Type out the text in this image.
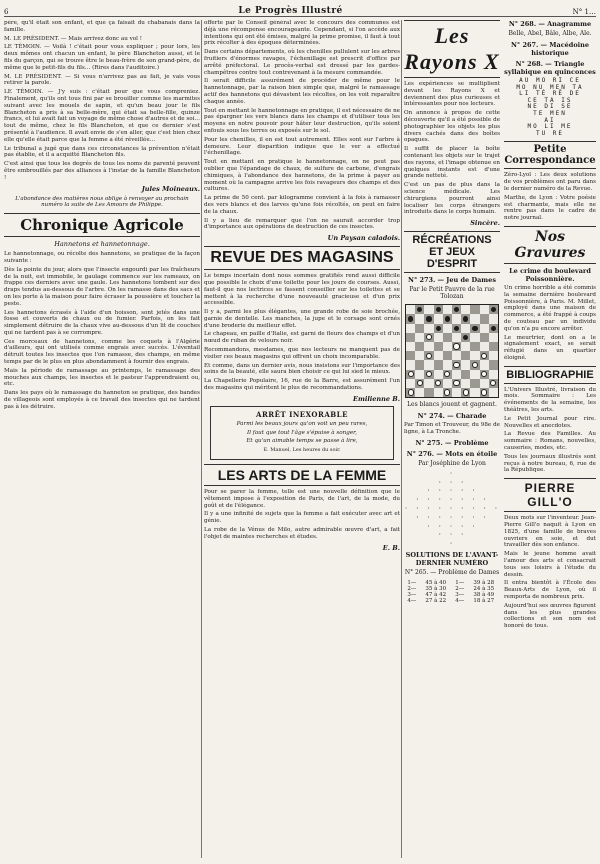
6	Le Progrès Illustré	N° 1…

père, qu'il était son enfant, et que ça faisait du chabanais dans la famille.

M. LE PRÉSIDENT. — Mais arrivez donc au vol !

LE TÉMOIN. — Voilà ! c'était pour vous expliquer ; pour lors, les deux mômes ont chacun un enfant, le père Blancheton aussi, et le fils du garçon, qui se trouve être le beau-frère de son grand-père, de même que le petit-fils du fils… (Rires dans l'auditoire.)

M. LE PRÉSIDENT. — Si vous n'arrivez pas au fait, je vais vous retirer la parole.

LE TÉMOIN. — J'y suis : c'était pour que vous compreniez. Finalement, qu'ils ont tous fini par se brouiller comme les marmites suivant avec les mouels de sapin, et qu'un beau jour le fils Blancheton a pris à sa belle-mère, qui était sa belle-fille, quinze francs, et lui avait fait un voyage de même chose d'autres et de soi… tout de même, chez le fils Blancheton, et que ce dernier s'est présenté à l'audience. Il avait envie de s'en aller, que c'est bien chez elle qu'elle était parce que la femme a été réveillée…

Le tribunal a jugé que dans ces circonstances la prévention n'était pas établie, et il a acquitté Blancheton fils.

C'est ainsi que tous les degrés de tous les noms de parenté peuvent être embrouillés par des alliances à l'instar de la famille Blancheton !

Jules Moineaux.

L'abondance des matières nous oblige à renvoyer au prochain numéro la suite de Les Amours de Philippe.

Chronique Agricole
Hannetons et hannetonnage.

Le hannetonnage, ou récolte des hannetons, se pratique de la façon suivante :

Dès la pointe du jour, alors que l'insecte engourdi par les fraîcheurs de la nuit, est immobile, le gaulage commence sur les rameaux, on frappe ces derniers avec une gaule. Les hannetons tombent sur des draps tendus au-dessous de l'arbre. On les ramasse dans des sacs et on les porte à la maison pour faire écraser la poussière et toucher la peste.

Les hannetons écrasés à l'aide d'un hoisson, sont jetés dans une fosse et couverts de chaux ou de fumier. Parfois, on les fait simplement détruire de la chaux vive au-dessous d'un lit de couches qui ne tardent pas à se corrompre.

Ces morceaux de hannetons, comme les coquets à l'Algérie d'ailleurs, qui ont utilisés comme engrais avec succès. L'éventail détruit toutes les insectes que l'on ramasse, des champs, en même temps par de le plus en plus abondamment à fournir des engrais.

Mais la période de ramassage au printemps, le ramassage des mouches aux champs, les insectes et le pasteur l'apprendraient ou, etc.

Dans les pays où le ramassage du hanneton se pratique, des bandes de villageois sont employés à ce travail des insectes qui ne tardent pas à les détruire.

offerte par le Conseil général avec le concours des communes est déjà une récompense encourageante. Cependant, si l'on accède aux intentions qui ont été émises, malgré la prime promise, il faut à tout prix récolter à des époques déterminées.

Dans certains départements, où les chenilles pullulent sur les arbres fruitiers d'énormes ravages, l'échenillage est prescrit d'office par arrêté préfectoral. Le procès-verbal est dressé par les gardes-champêtres contre tout contrevenant à la mesure commandée.

Il serait difficile assurément de procéder de même pour le hannetonnage, par la raison bien simple que, malgré le ramassage actif des hannetons qui dévastent les récoltes, on les voit reparaître chaque année.

Tout en mettant le hannetonnage en pratique, il est nécessaire de ne pas épargner les vers blancs dans les champs et d'utiliser tous les moyens en notre pouvoir pour hâter leur destruction, qu'ils soient enfouis sous les terres ou exposés sur le sol.

Pour les chenilles, il en est tout autrement. Elles sont sur l'arbre à demeure. Leur disparition indique que le ver a effectué l'échenillage.

Tout en mettant en pratique le hannetonnage, on ne peut pas oublier que l'épandage de chaux, de sulfure de carbone, d'engrais chimiques, à l'abondance des hannetons, de la prime à payer au moment où la campagne arrive les fois ravageurs des champs et des cultures.

La prime de 50 cent. par kilogramme convient à la fois à ramasser des vers blancs et des larves qu'une fois récoltés, on peut en faire de la chaux.

Il y a lieu de remarquer que l'on ne saurait accorder trop d'importance aux opérations de destruction de ces insectes.

Un Paysan caladois.
REVUE DES MAGASINS

Le temps incertain dont nous sommes gratifiés rend aussi difficile que possible le choix d'une toilette pour les jours de courses. Aussi, faut-il que nos lectrices se fassent conseiller sur les toilettes et se mettent à la recherche d'une nouveauté gracieuse et d'un prix accessible.

Il y a, parmi les plus élégantes, une grande robe de soie brochée, garnie de dentelle. Les manches, la jupe et le corsage sont ornés d'une broderie du meilleur effet.

Le chapeau, en paille d'Italie, est garni de fleurs des champs et d'un nœud de ruban de velours noir.

Recommandons, mesdames, que nos lecteurs ne manquent pas de visiter ces beaux magasins qui offrent un choix incomparable.

Et comme, dans un dernier avis, nous insistons sur l'importance des soins de la beauté, elle saura bien choisir ce qui lui sied le mieux.

La Chapellerie Populaire, 16, rue de la Barre, est assurément l'un des magasins qui méritent le plus de recommandations.

Emilienne B.
ARRÊT INEXORABLE

Parmi les beaux jours qu'on voit un peu rares,

Il faut que tout l'âge s'épuise à songer,

Et qu'un aimable temps se passe à lire,

E. Manuel, Les heures du soir.

LES ARTS DE LA FEMME

Pour se parer la femme, telle est une nouvelle définition que le vêtement impose à l'exposition de Paris, de l'art, de la mode, du goût et de l'élégance.

Il y a une infinité de sujets que la femme a fait exécuter avec art et génie.

La robe de la Vénus de Milo, autre admirable œuvre d'art, a fait l'objet de maintes recherches et études.

E. B.
Les Rayons X

Les expériences se multiplient devant les Rayons X et deviennent des plus curieuses et intéressantes pour nos lecteurs.

On annonce à propos de cette découverte qu'il a été possible de photographier les objets les plus divers cachés dans des boîtes opaques.

Il suffit de placer la boîte contenant les objets sur le trajet des rayons, et l'image obtenue en quelques instants est d'une grande netteté.

C'est un pas de plus dans la science médicale. Les chirurgiens pourront ainsi localiser les corps étrangers introduits dans le corps humain.

Sincère.
RÉCRÉATIONS ET JEUX D'ESPRIT
N° 273. — Jeu de Dames
Par le Petit Pauvre de la rue Tolozan
Les blancs jouent et gagnent.
N° 274. — Charade

Par Timon et Trouveur, du 98e de ligne, à La Tronche.

N° 275. — Problème
N° 276. — Mots en étoile
Par Joséphine de Lyon
·
· · ·
· · · · ·
· · · · · · ·
· · · · · · · · ·
· · · · · · ·
· · · · ·
· · ·
·
SOLUTIONS DE L'AVANT-DERNIER NUMÉRO
N° 265. — Problème de Dames
1—	45 à 40	1—	39 à 28
2—	35 à 30	2—	24 à 35
3—	47 à 42	3—	38 à 49
4—	27 à 22	4—	18 à 27
N° 268. — Anagramme
Belle, Abel, Bâle, Albe, Ale.
N° 267. — Macédoine historique
N° 268. — Triangle syllabique en quinconces
AU MO RI CE
MO NU MEN TA
LI TÉ RÊ DE
CE TA IS
NE DI SE
TE MEN
AI
MO LI ME
TU RE
Petite Correspondance

Zéro-Lyol : Les deux solutions de vos problèmes ont paru dans le dernier numéro de la Revue.

Marthe, de Lyon : Votre poésie est charmante, mais elle ne rentre pas dans le cadre de notre journal.

Nos Gravures
Le crime du boulevard Poissonnière.

Un crime horrible a été commis la semaine dernière boulevard Poissonnière, à Paris. M. Millet, employé dans une maison de commerce, a été frappé à coups de couteau par un individu qu'on n'a pu encore arrêter.

Le meurtrier, dont on a le signalement exact, se serait réfugié dans un quartier éloigné.

BIBLIOGRAPHIE

L'Univers Illustré, livraison du mois. Sommaire : Les événements de la semaine, les théâtres, les arts.

Le Petit Journal pour rire. Nouvelles et anecdotes.

La Revue des Familles. Au sommaire : Romans, nouvelles, causeries, modes, etc.

Tous les journaux illustrés sont reçus à notre bureau, 6, rue de la République.

PIERRE GILL'O

Deux mots sur l'inventeur. Jean-Pierre Gill'o naquit à Lyon en 1825, d'une famille de braves ouvriers en soie, et dut travailler dès son enfance.

Mais le jeune homme avait l'amour des arts et consacrait tous ses loisirs à l'étude du dessin.

Il entra bientôt à l'École des Beaux-Arts de Lyon, où il remporta de nombreux prix.

Aujourd'hui ses œuvres figurent dans les plus grandes collections et son nom est honoré de tous.
